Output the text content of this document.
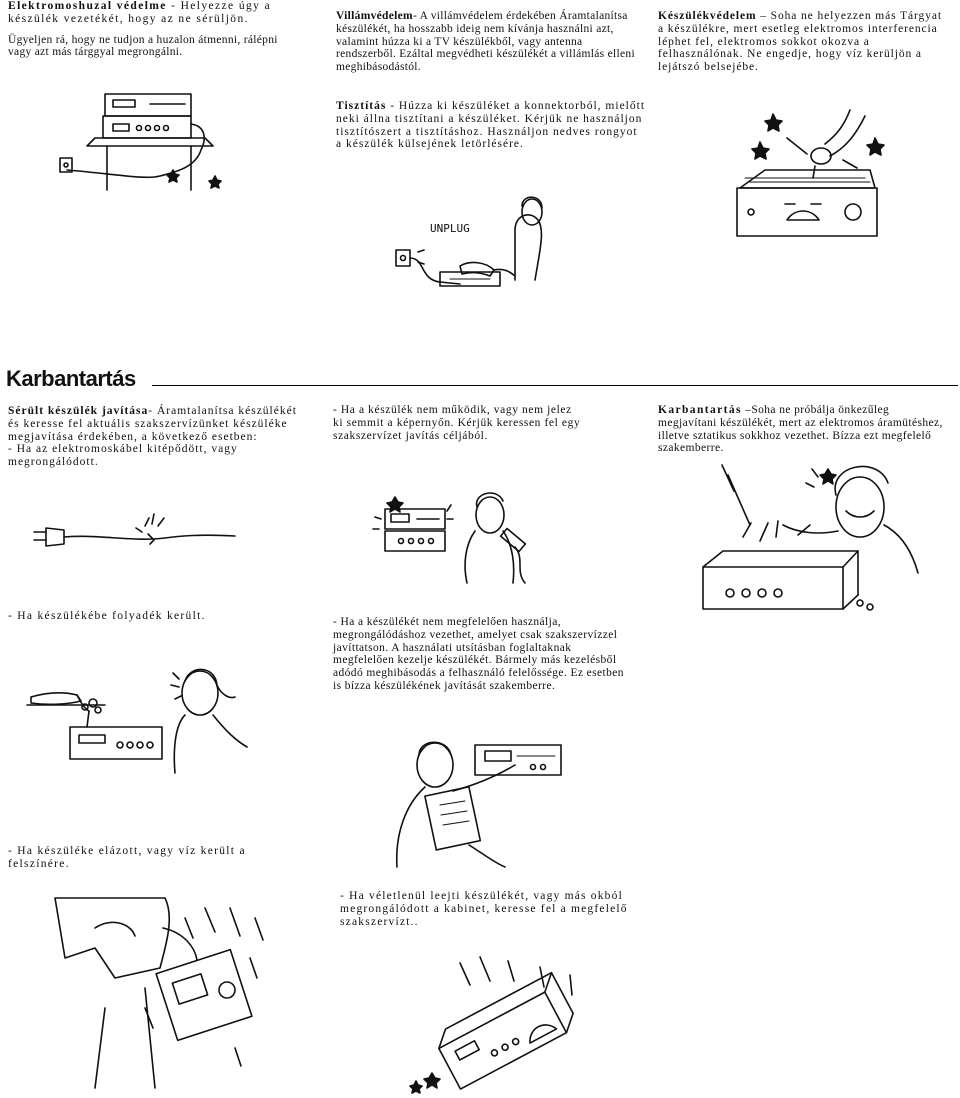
Elektromoshuzal védelme - Helyezze úgy a készülék vezetékét, hogy az ne sérüljön.
Ügyeljen rá, hogy ne tudjon a huzalon átmenni, rálépni vagy azt más tárggyal megrongálni.
Villámvédelem- A villámvédelem érdekében Áramtalanítsa készülékét, ha hosszabb ideig nem kívánja használni azt, valamint húzza ki a TV készülékből, vagy antenna rendszerből. Ezáltal megvédheti készülékét a villámlás elleni meghibásodástól.
Tisztítás - Húzza ki készüléket a konnektorból, mielőtt neki állna tisztítani a készüléket. Kérjük ne használjon tisztítószert a tisztításhoz. Használjon nedves rongyot a készülék külsejének letörlésére.
Készülékvédelem – Soha ne helyezzen más Tárgyat a készülékre, mert esetleg elektromos interferencia léphet fel, elektromos sokkot okozva a felhasználónak. Ne engedje, hogy víz kerüljön a lejátszó belsejébe.
UNPLUG
Karbantartás
Sérült készülék javítása- Áramtalanítsa készülékét és keresse fel aktuális szakszervízünket készüléke megjavítása érdekében, a következő esetben:
- Ha az elektromoskábel kitépődött, vagy megrongálódott.
- Ha készülékébe folyadék került.
- Ha készüléke elázott, vagy víz került a felszínére.
- Ha a készülék nem működik, vagy nem jelez ki semmit a képernyőn. Kérjük keressen fel egy szakszervízet javítás céljából.
- Ha a készülékét nem megfelelően használja, megrongálódáshoz vezethet, amelyet csak szakszervízzel javíttatson. A használati utsításban foglaltaknak megfelelően kezelje készülékét. Bármely más kezelésből adódó meghibásodás a felhasználó felelőssége. Ez esetben is bízza készülékének javítását szakemberre.
- Ha véletlenül leejti készülékét, vagy más okból megrongálódott a kabinet, keresse fel a megfelelő szakszervízt..
Karbantartás –Soha ne próbálja önkezűleg megjavítani készülékét, mert az elektromos áramütéshez, illetve sztatikus sokkhoz vezethet. Bízza ezt megfelelő szakemberre.
